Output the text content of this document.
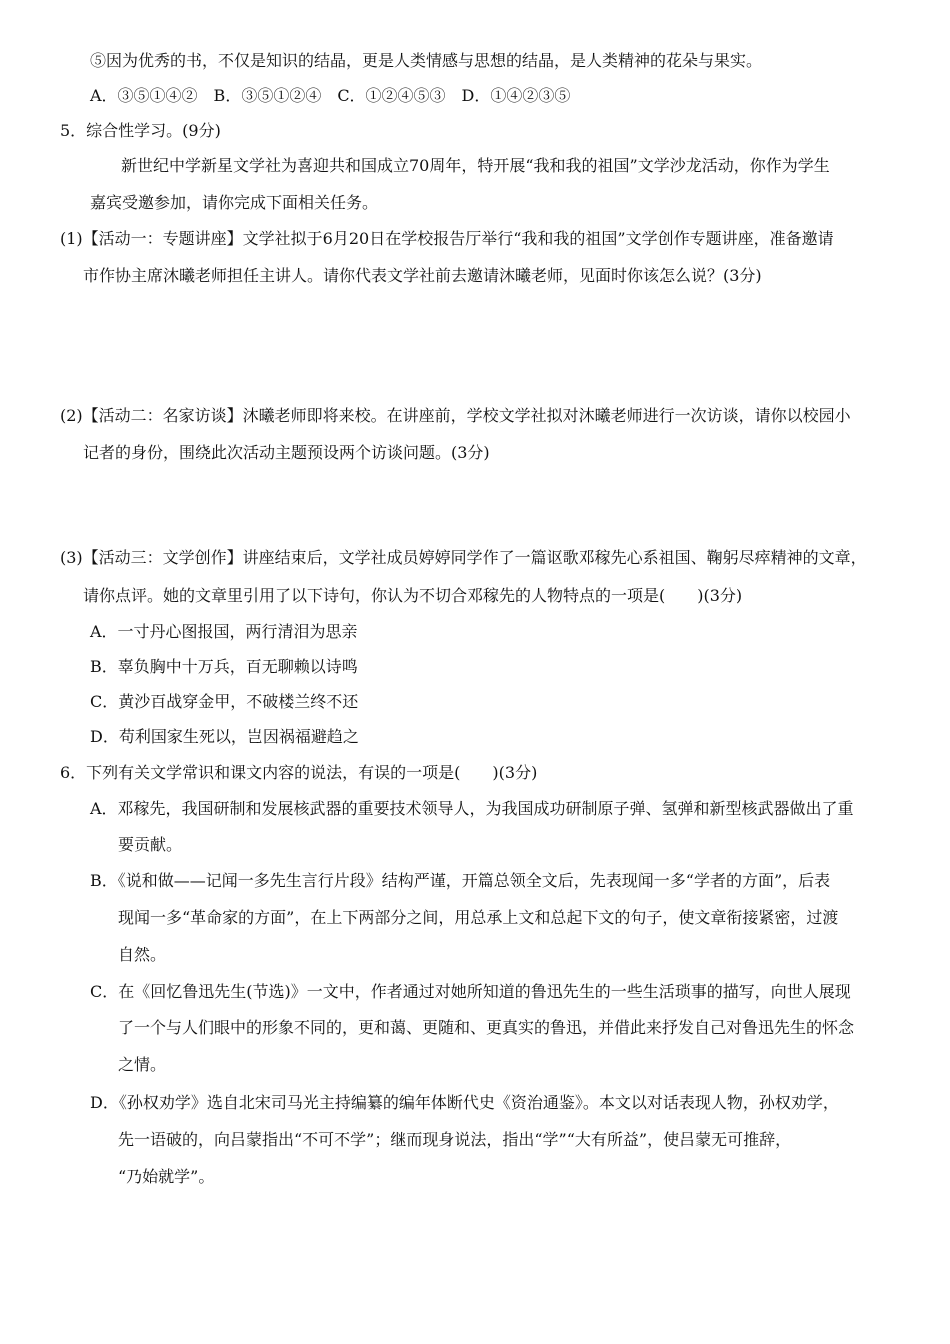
⑤因为优秀的书，不仅是知识的结晶，更是人类情感与思想的结晶，是人类精神的花朵与果实。
A．③⑤①④②　B．③⑤①②④　C．①②④⑤③　D．①④②③⑤
5．综合性学习。(9分)
新世纪中学新星文学社为喜迎共和国成立70周年，特开展“我和我的祖国”文学沙龙活动，你作为学生
嘉宾受邀参加，请你完成下面相关任务。
(1)【活动一：专题讲座】文学社拟于6月20日在学校报告厅举行“我和我的祖国”文学创作专题讲座，准备邀请
市作协主席沐曦老师担任主讲人。请你代表文学社前去邀请沐曦老师，见面时你该怎么说？(3分)
(2)【活动二：名家访谈】沐曦老师即将来校。在讲座前，学校文学社拟对沐曦老师进行一次访谈，请你以校园小
记者的身份，围绕此次活动主题预设两个访谈问题。(3分)
(3)【活动三：文学创作】讲座结束后，文学社成员婷婷同学作了一篇讴歌邓稼先心系祖国、鞠躬尽瘁精神的文章，
请你点评。她的文章里引用了以下诗句，你认为不切合邓稼先的人物特点的一项是(　　)(3分)
A．一寸丹心图报国，两行清泪为思亲
B．辜负胸中十万兵，百无聊赖以诗鸣
C．黄沙百战穿金甲，不破楼兰终不还
D．苟利国家生死以，岂因祸福避趋之
6．下列有关文学常识和课文内容的说法，有误的一项是(　　)(3分)
A．邓稼先，我国研制和发展核武器的重要技术领导人，为我国成功研制原子弹、氢弹和新型核武器做出了重
要贡献。
B．《说和做——记闻一多先生言行片段》结构严谨，开篇总领全文后，先表现闻一多“学者的方面”，后表
现闻一多“革命家的方面”，在上下两部分之间，用总承上文和总起下文的句子，使文章衔接紧密，过渡
自然。
C．在《回忆鲁迅先生(节选)》一文中，作者通过对她所知道的鲁迅先生的一些生活琐事的描写，向世人展现
了一个与人们眼中的形象不同的，更和蔼、更随和、更真实的鲁迅，并借此来抒发自己对鲁迅先生的怀念
之情。
D．《孙权劝学》选自北宋司马光主持编纂的编年体断代史《资治通鉴》。本文以对话表现人物，孙权劝学，
先一语破的，向吕蒙指出“不可不学”；继而现身说法，指出“学”“大有所益”，使吕蒙无可推辞，
“乃始就学”。
